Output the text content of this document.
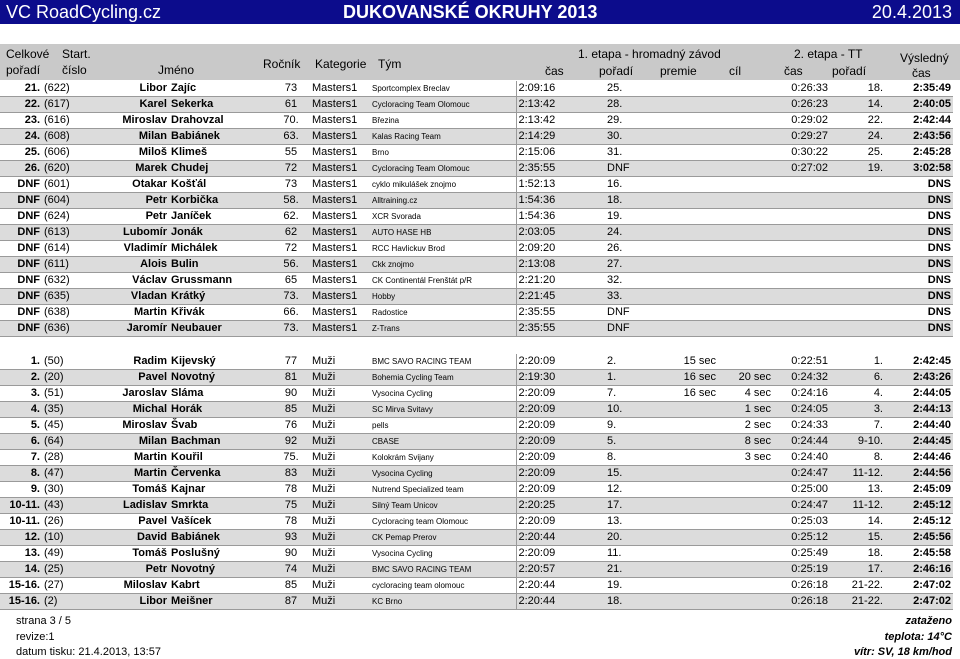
VC RoadCycling.cz	DUKOVANSKÉ OKRUHY 2013	20.4.2013
Celkové
pořadí
Start.
číslo	Jméno	Ročník Kategorie Tým
1. etapa - hromadný závod	2. etapa - TT	Výsledný
čas	pořadí premie	cíl	čas pořadí	čas
21.	(622)	Libor	Zajíc	73	Masters1	Sportcomplex Breclav	2:09:16	25.			0:26:33	18.	2:35:49
22.	(617)	Karel	Sekerka	61	Masters1	Cycloracing Team Olomouc	2:13:42	28.			0:26:23	14.	2:40:05
23.	(616)	Miroslav	Drahovzal	70.	Masters1	Březina	2:13:42	29.			0:29:02	22.	2:42:44
24.	(608)	Milan	Babiánek	63.	Masters1	Kalas Racing Team	2:14:29	30.			0:29:27	24.	2:43:56
25.	(606)	Miloš	Klimeš	55	Masters1	Brno	2:15:06	31.			0:30:22	25.	2:45:28
26.	(620)	Marek	Chudej	72	Masters1	Cycloracing Team Olomouc	2:35:55	DNF			0:27:02	19.	3:02:58
DNF	(601)	Otakar	Košťál	73	Masters1	cyklo mikulášek znojmo	1:52:13	16.					DNS
DNF	(604)	Petr	Korbička	58.	Masters1	Alltraining.cz	1:54:36	18.					DNS
DNF	(624)	Petr	Janíček	62.	Masters1	XCR Svorada	1:54:36	19.					DNS
DNF	(613)	Lubomír	Jonák	62	Masters1	AUTO HASE HB	2:03:05	24.					DNS
DNF	(614)	Vladimír	Michálek	72	Masters1	RCC Havlickuv Brod	2:09:20	26.					DNS
DNF	(611)	Alois	Bulin	56.	Masters1	Ckk znojmo	2:13:08	27.					DNS
DNF	(632)	Václav	Grussmann	65	Masters1	CK Continentál Frenštát p/R	2:21:20	32.					DNS
DNF	(635)	Vladan	Krátký	73.	Masters1	Hobby	2:21:45	33.					DNS
DNF	(638)	Martin	Křivák	66.	Masters1	Radostice	2:35:55	DNF					DNS
DNF	(636)	Jaromír	Neubauer	73.	Masters1	Z-Trans	2:35:55	DNF					DNS

1.	(50)	Radim	Kijevský	77	Muži	BMC SAVO RACING TEAM	2:20:09	2.	15 sec		0:22:51	1.	2:42:45
2.	(20)	Pavel	Novotný	81	Muži	Bohemia Cycling Team	2:19:30	1.	16 sec	20 sec	0:24:32	6.	2:43:26
3.	(51)	Jaroslav	Sláma	90	Muži	Vysocina Cycling	2:20:09	7.	16 sec	4 sec	0:24:16	4.	2:44:05
4.	(35)	Michal	Horák	85	Muži	SC Mirva Svitavy	2:20:09	10.		1 sec	0:24:05	3.	2:44:13
5.	(45)	Miroslav	Švab	76	Muži	pells	2:20:09	9.		2 sec	0:24:33	7.	2:44:40
6.	(64)	Milan	Bachman	92	Muži	CBASE	2:20:09	5.		8 sec	0:24:44	9-10.	2:44:45
7.	(28)	Martin	Kouřil	75.	Muži	Kolokrám Svijany	2:20:09	8.		3 sec	0:24:40	8.	2:44:46
8.	(47)	Martin	Červenka	83	Muži	Vysocina Cycling	2:20:09	15.			0:24:47	11-12.	2:44:56
9.	(30)	Tomáš	Kajnar	78	Muži	Nutrend Specialized team	2:20:09	12.			0:25:00	13.	2:45:09
10-11.	(43)	Ladislav	Smrkta	75	Muži	Silný Team Unicov	2:20:25	17.			0:24:47	11-12.	2:45:12
10-11.	(26)	Pavel	Vašícek	78	Muži	Cycloracing team Olomouc	2:20:09	13.			0:25:03	14.	2:45:12
12.	(10)	David	Babiánek	93	Muži	CK Pemap Prerov	2:20:44	20.			0:25:12	15.	2:45:56
13.	(49)	Tomáš	Poslušný	90	Muži	Vysocina Cycling	2:20:09	11.			0:25:49	18.	2:45:58
14.	(25)	Petr	Novotný	74	Muži	BMC SAVO RACING TEAM	2:20:57	21.			0:25:19	17.	2:46:16
15-16.	(27)	Miloslav	Kabrt	85	Muži	cycloracing team olomouc	2:20:44	19.			0:26:18	21-22.	2:47:02
15-16.	(2)	Libor	Meišner	87	Muži	KC Brno	2:20:44	18.			0:26:18	21-22.	2:47:02
strana 3 / 5
revize:1
datum tisku: 21.4.2013, 13:57
zataženo
teplota: 14°C
vítr: SV, 18 km/hod
